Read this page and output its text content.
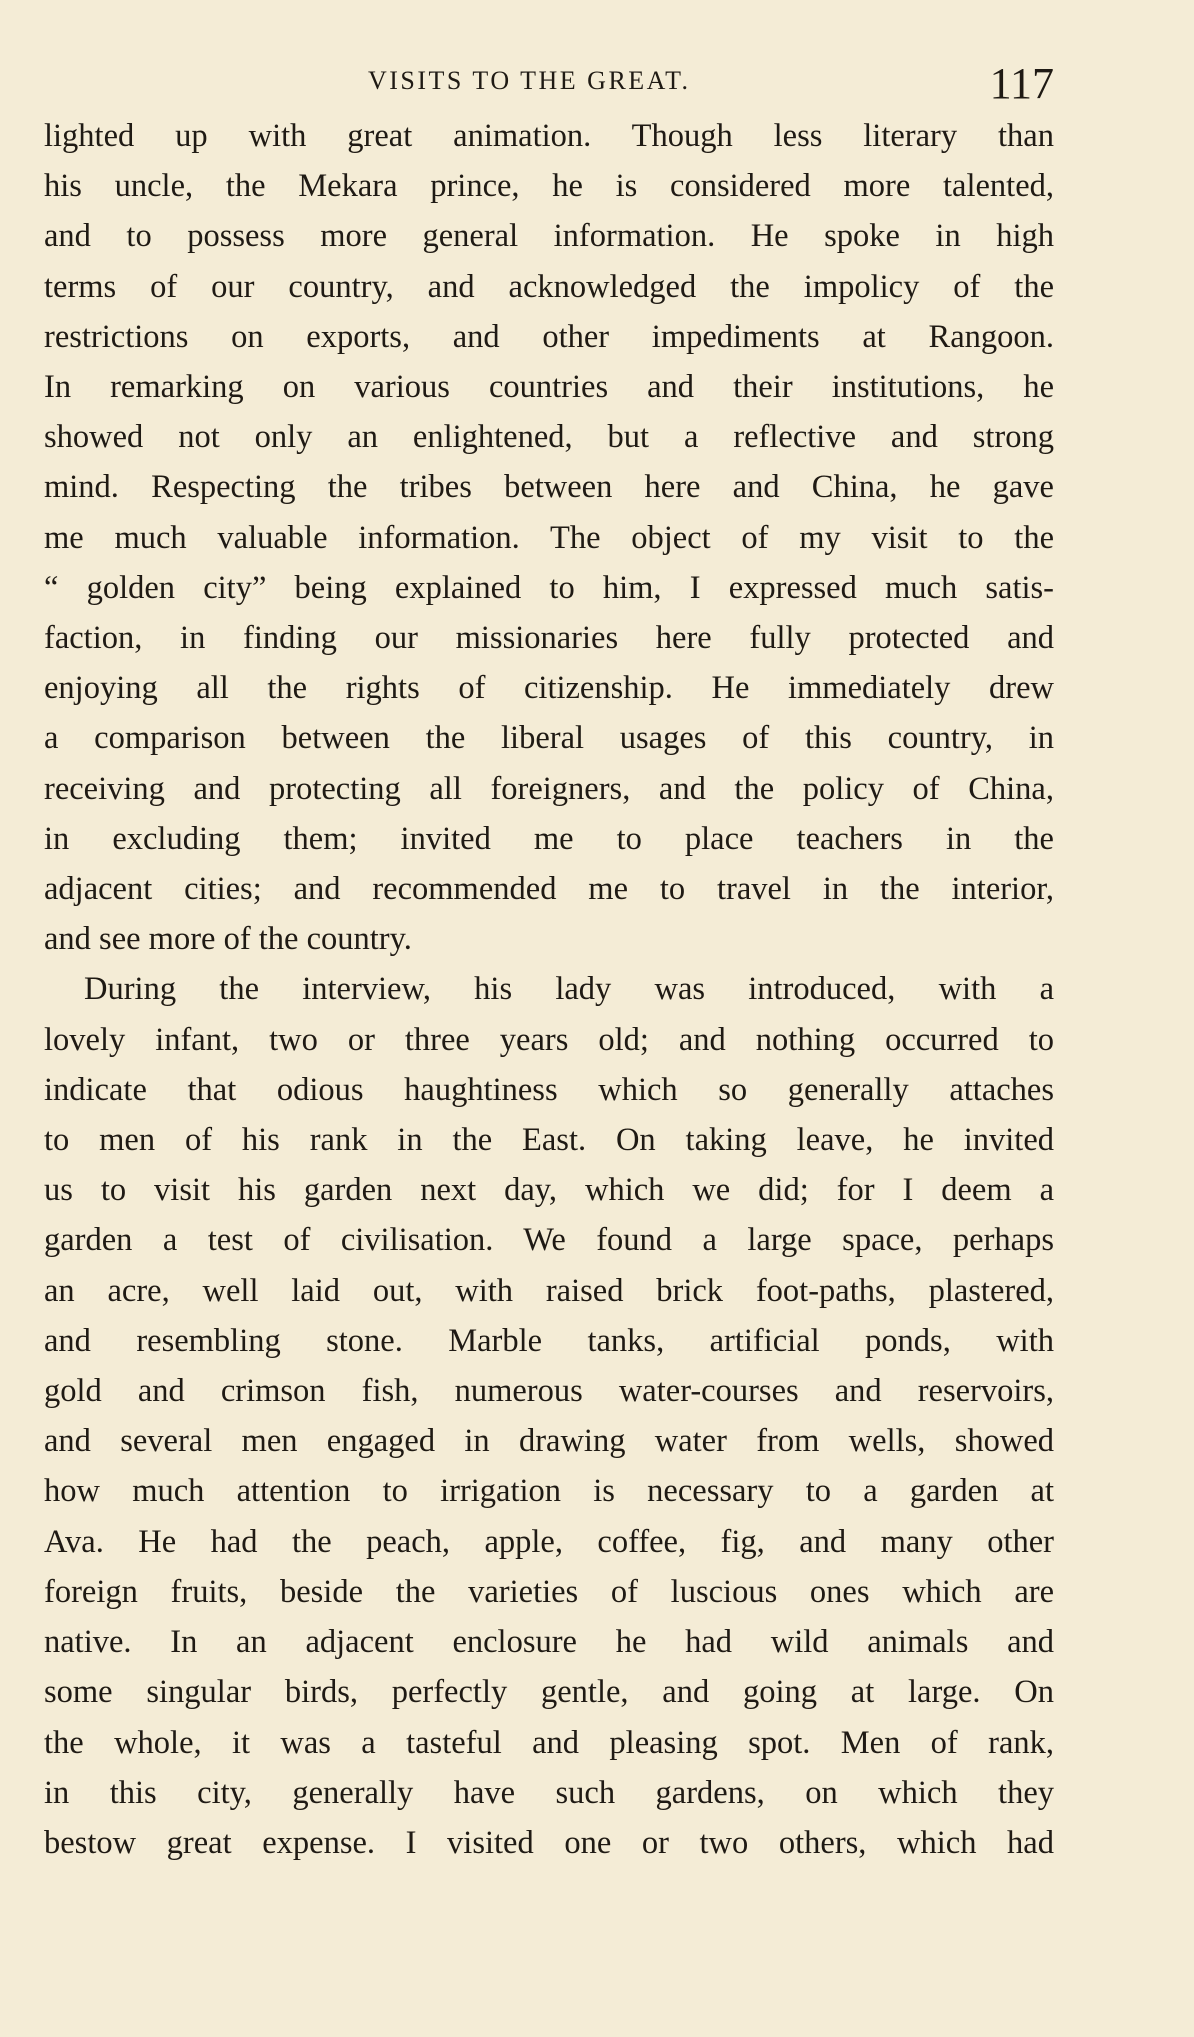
VISITS TO THE GREAT.	117
lighted up with great animation. Though less literary than
his uncle, the Mekara prince, he is considered more talented,
and to possess more general information. He spoke in high
terms of our country, and acknowledged the impolicy of the
restrictions on exports, and other impediments at Rangoon.
In remarking on various countries and their institutions, he
showed not only an enlightened, but a reflective and strong
mind. Respecting the tribes between here and China, he gave
me much valuable information. The object of my visit to the
“ golden city” being explained to him, I expressed much satis-
faction, in finding our missionaries here fully protected and
enjoying all the rights of citizenship. He immediately drew
a comparison between the liberal usages of this country, in
receiving and protecting all foreigners, and the policy of China,
in excluding them; invited me to place teachers in the
adjacent cities; and recommended me to travel in the interior,
and see more of the country.
During the interview, his lady was introduced, with a
lovely infant, two or three years old; and nothing occurred to
indicate that odious haughtiness which so generally attaches
to men of his rank in the East. On taking leave, he invited
us to visit his garden next day, which we did; for I deem a
garden a test of civilisation. We found a large space, perhaps
an acre, well laid out, with raised brick foot-paths, plastered,
and resembling stone. Marble tanks, artificial ponds, with
gold and crimson fish, numerous water-courses and reservoirs,
and several men engaged in drawing water from wells, showed
how much attention to irrigation is necessary to a garden at
Ava. He had the peach, apple, coffee, fig, and many other
foreign fruits, beside the varieties of luscious ones which are
native. In an adjacent enclosure he had wild animals and
some singular birds, perfectly gentle, and going at large. On
the whole, it was a tasteful and pleasing spot. Men of rank,
in this city, generally have such gardens, on which they
bestow great expense. I visited one or two others, which had
